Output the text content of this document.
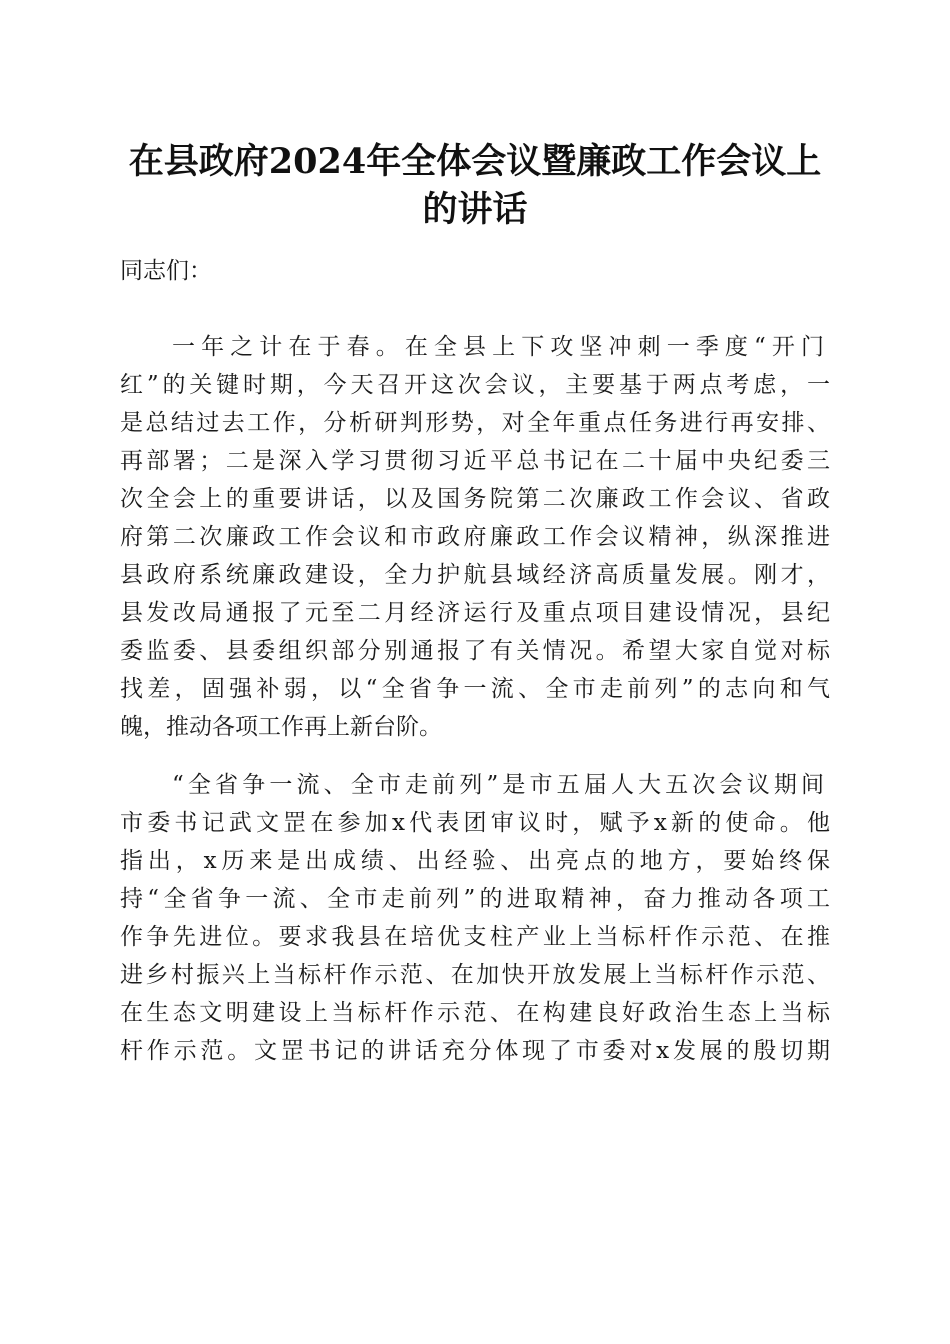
在县政府2024年全体会议暨廉政工作会议上
的讲话

同志们：

一年之计在于春。在全县上下攻坚冲刺一季度“开门

红”的关键时期，今天召开这次会议，主要基于两点考虑，一

是总结过去工作，分析研判形势，对全年重点任务进行再安排、

再部署；二是深入学习贯彻习近平总书记在二十届中央纪委三

次全会上的重要讲话，以及国务院第二次廉政工作会议、省政

府第二次廉政工作会议和市政府廉政工作会议精神，纵深推进

县政府系统廉政建设，全力护航县域经济高质量发展。刚才，

县发改局通报了元至二月经济运行及重点项目建设情况，县纪

委监委、县委组织部分别通报了有关情况。希望大家自觉对标

找差，固强补弱，以“全省争一流、全市走前列”的志向和气

魄，推动各项工作再上新台阶。

“全省争一流、全市走前列”是市五届人大五次会议期间

市委书记武文罡在参加x代表团审议时，赋予x新的使命。他

指出，x历来是出成绩、出经验、出亮点的地方，要始终保

持“全省争一流、全市走前列”的进取精神，奋力推动各项工

作争先进位。要求我县在培优支柱产业上当标杆作示范、在推

进乡村振兴上当标杆作示范、在加快开放发展上当标杆作示范、

在生态文明建设上当标杆作示范、在构建良好政治生态上当标

杆作示范。文罡书记的讲话充分体现了市委对x发展的殷切期
